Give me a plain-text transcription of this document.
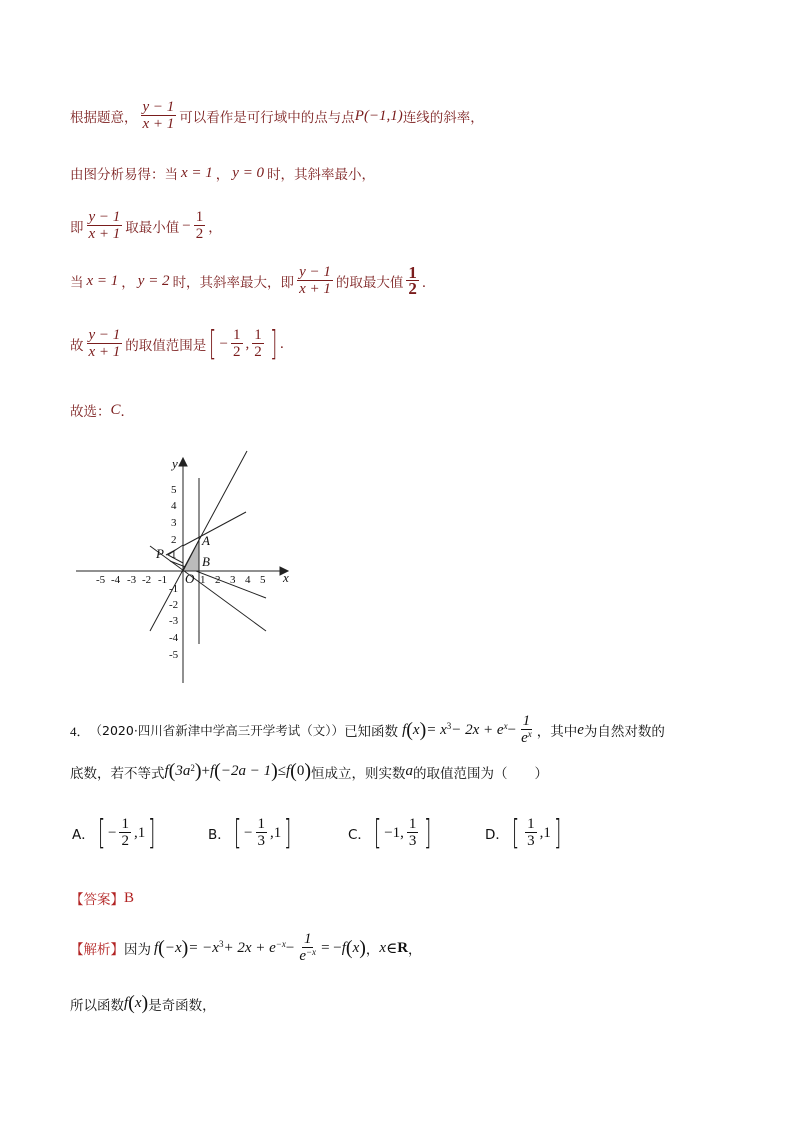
根据题意， $\frac{y - 1}{x + 1}$ 可以看作是可行域中的点与点 P(−1,1) 连线的斜率，
由图分析易得：当 x = 1 ， y = 0 时，其斜率最小，
即 $\frac{y - 1}{x + 1}$ 取最小值 − $\frac{1}{2}$ ，
当 x = 1 ， y = 2 时，其斜率最大，即 $\frac{y - 1}{x + 1}$ 的取最大值 $\frac{1}{2}$ ．
故 $\frac{y - 1}{x + 1}$ 的取值范围是 [ − $\frac{1}{2}$ , $\frac{1}{2}$ ] .
故选： C ．
-5 -4 -3 -2 -1	1 2 3 4 5
5
4
3
2
1
-1
-2
-3
-4
-5
x
y
O
P
A
B
4． （2020·四川省新津中学高三开学考试（文）） 已知函数 f ( x ) = x 3 − 2x + e $x - \frac{1}{e^x}$ ，其中 e 为自然对数的
底数，若不等式 f ( 3a 2 ) + f ( −2a − 1 ) ≤ f ( 0 ) 恒成立，则实数 a 的取值范围为（　　）
A． [ − $\frac{1}{2} ,1$ ]	B． [ − $\frac{1}{3} ,1$ ]	C． [ −1, $\frac{1}{3}$ ]	D． [ $\frac{1}{3} ,1$ ]
【答案】 B
【解析】 因为 f ( −x ) = −x $3 + 2x + e -x - \frac{1}{e^{-x}}$ = − f ( x ) ， x ∈ R ，
所以函数 f ( x ) 是奇函数，
